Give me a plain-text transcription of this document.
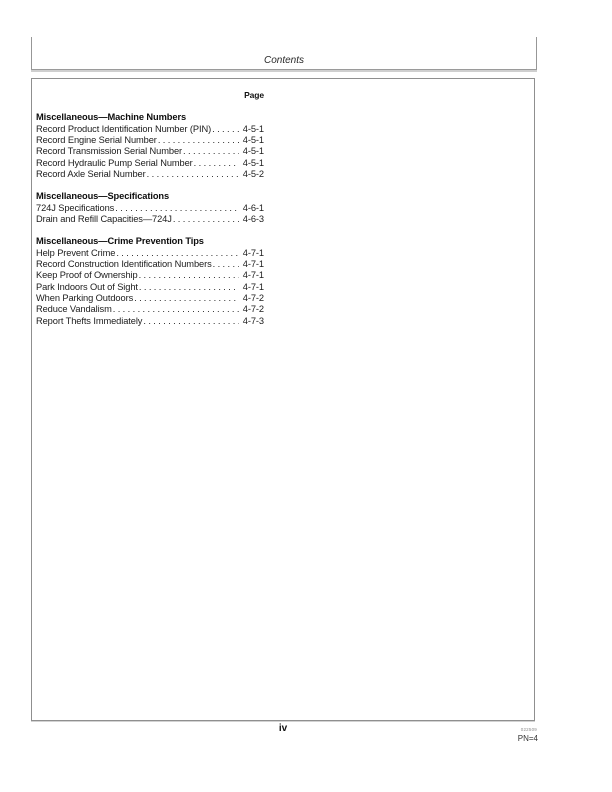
Contents
Page
Miscellaneous—Machine Numbers
Record Product Identification Number (PIN) . . .	4-5-1
Record Engine Serial Number . . .	4-5-1
Record Transmission Serial Number . . .	4-5-1
Record Hydraulic Pump Serial Number . . .	4-5-1
Record Axle Serial Number . . .	4-5-2
Miscellaneous—Specifications
724J Specifications . . .	4-6-1
Drain and Refill Capacities—724J . . .	4-6-3
Miscellaneous—Crime Prevention Tips
Help Prevent Crime . . .	4-7-1
Record Construction Identification Numbers . . .	4-7-1
Keep Proof of Ownership . . .	4-7-1
Park Indoors Out of Sight . . .	4-7-1
When Parking Outdoors . . .	4-7-2
Reduce Vandalism . . .	4-7-2
Report Thefts Immediately . . .	4-7-3
iv	022509
PN=4
